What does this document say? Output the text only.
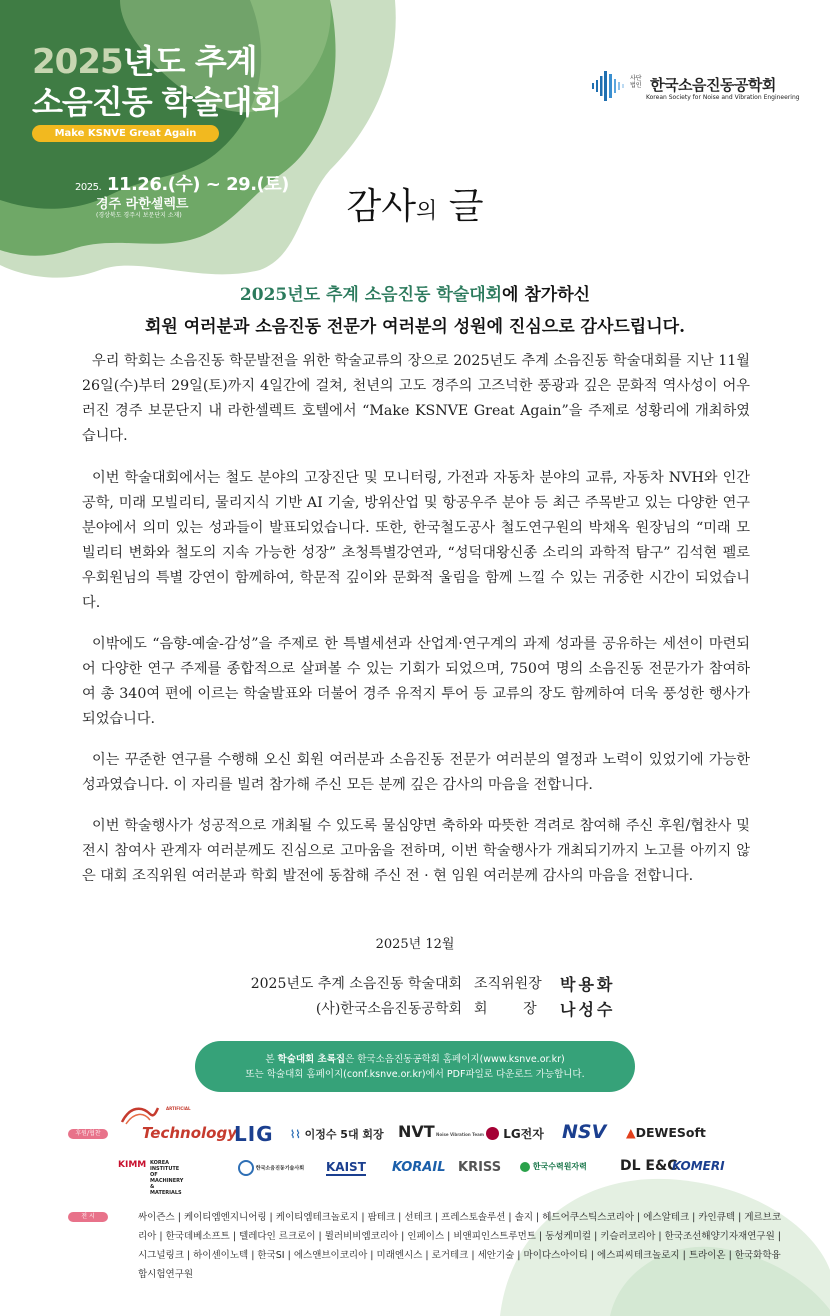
2025년도 추계
소음진동 학술대회
Make KSNVE Great Again
2025. 11.26.(수) ~ 29.(토)
경주 라한셀렉트
(경상북도 경주시 보문단지 소재)
사단
법인 한국소음진동공학회
Korean Society for Noise and Vibration Engineering
감사의 글
2025년도 추계 소음진동 학술대회에 참가하신
회원 여러분과 소음진동 전문가 여러분의 성원에 진심으로 감사드립니다.

우리 학회는 소음진동 학문발전을 위한 학술교류의 장으로 2025년도 추계 소음진동 학술대회를 지난 11월 26일(수)부터 29일(토)까지 4일간에 걸쳐, 천년의 고도 경주의 고즈넉한 풍광과 깊은 문화적 역사성이 어우러진 경주 보문단지 내 라한셀렉트 호텔에서 “Make KSNVE Great Again”을 주제로 성황리에 개최하였습니다.

이번 학술대회에서는 철도 분야의 고장진단 및 모니터링, 가전과 자동차 분야의 교류, 자동차 NVH와 인간공학, 미래 모빌리티, 물리지식 기반 AI 기술, 방위산업 및 항공우주 분야 등 최근 주목받고 있는 다양한 연구 분야에서 의미 있는 성과들이 발표되었습니다. 또한, 한국철도공사 철도연구원의 박채옥 원장님의 “미래 모빌리티 변화와 철도의 지속 가능한 성장” 초청특별강연과, “성덕대왕신종 소리의 과학적 탐구” 김석현 펠로우회원님의 특별 강연이 함께하여, 학문적 깊이와 문화적 울림을 함께 느낄 수 있는 귀중한 시간이 되었습니다.

이밖에도 “음향-예술-감성”을 주제로 한 특별세션과 산업계·연구계의 과제 성과를 공유하는 세션이 마련되어 다양한 연구 주제를 종합적으로 살펴볼 수 있는 기회가 되었으며, 750여 명의 소음진동 전문가가 참여하여 총 340여 편에 이르는 학술발표와 더불어 경주 유적지 투어 등 교류의 장도 함께하여 더욱 풍성한 행사가 되었습니다.

이는 꾸준한 연구를 수행해 오신 회원 여러분과 소음진동 전문가 여러분의 열정과 노력이 있었기에 가능한 성과였습니다. 이 자리를 빌려 참가해 주신 모든 분께 깊은 감사의 마음을 전합니다.

이번 학술행사가 성공적으로 개최될 수 있도록 물심양면 축하와 따뜻한 격려로 참여해 주신 후원/협찬사 및 전시 참여사 관계자 여러분께도 진심으로 고마움을 전하며, 이번 학술행사가 개최되기까지 노고를 아끼지 않은 대회 조직위원 여러분과 학회 발전에 동참해 주신 전 · 현 임원 여러분께 감사의 마음을 전합니다.

2025년 12월
2025년도 추계 소음진동 학술대회 조직위원장 박용화
(사)한국소음진동공학회 회        장 나성수
본 학술대회 초록집은 한국소음진동공학회 홈페이지(www.ksnve.or.kr)
또는 학술대회 홈페이지(conf.ksnve.or.kr)에서 PDF파일로 다운로드 가능합니다.
후원/협찬
ARTIFICIAL
Technology
LIG ⌇⌇ 이정수 5대 회장 NVT Noise Vibration Team	LG전자 NSV ▲DEWESoft
KIMM KOREA INSTITUTE OF
MACHINERY & MATERIALS
한국소음진동기술사회 KAIST KORAIL KRISS	한국수력원자력 DL E&C
KOMERI
전 시	싸이즌스 | 케이티엠엔지니어링 | 케이티엠테크놀로지 | 팜테크 | 선테크 | 프레스토솔루션 | 솔지 | 헤드어쿠스틱스코리아 | 에스알테크 | 카인큐텍 | 게르브코리아 | 한국데베소프트 | 텔레다인 르크로이 | 뮐러비비엠코리아 | 인페이스 | 비앤피인스트루먼트 | 동성케미컬 | 키슬러코리아 | 한국조선해양기자재연구원 | 시그널링크 | 하이센이노텍 | 한국SI | 에스앤브이코리아 | 미래엔시스 | 로거테크 | 세안기술 | 마이다스아이티 | 에스피씨테크놀로지 | 트라이온 | 한국화학융합시험연구원
